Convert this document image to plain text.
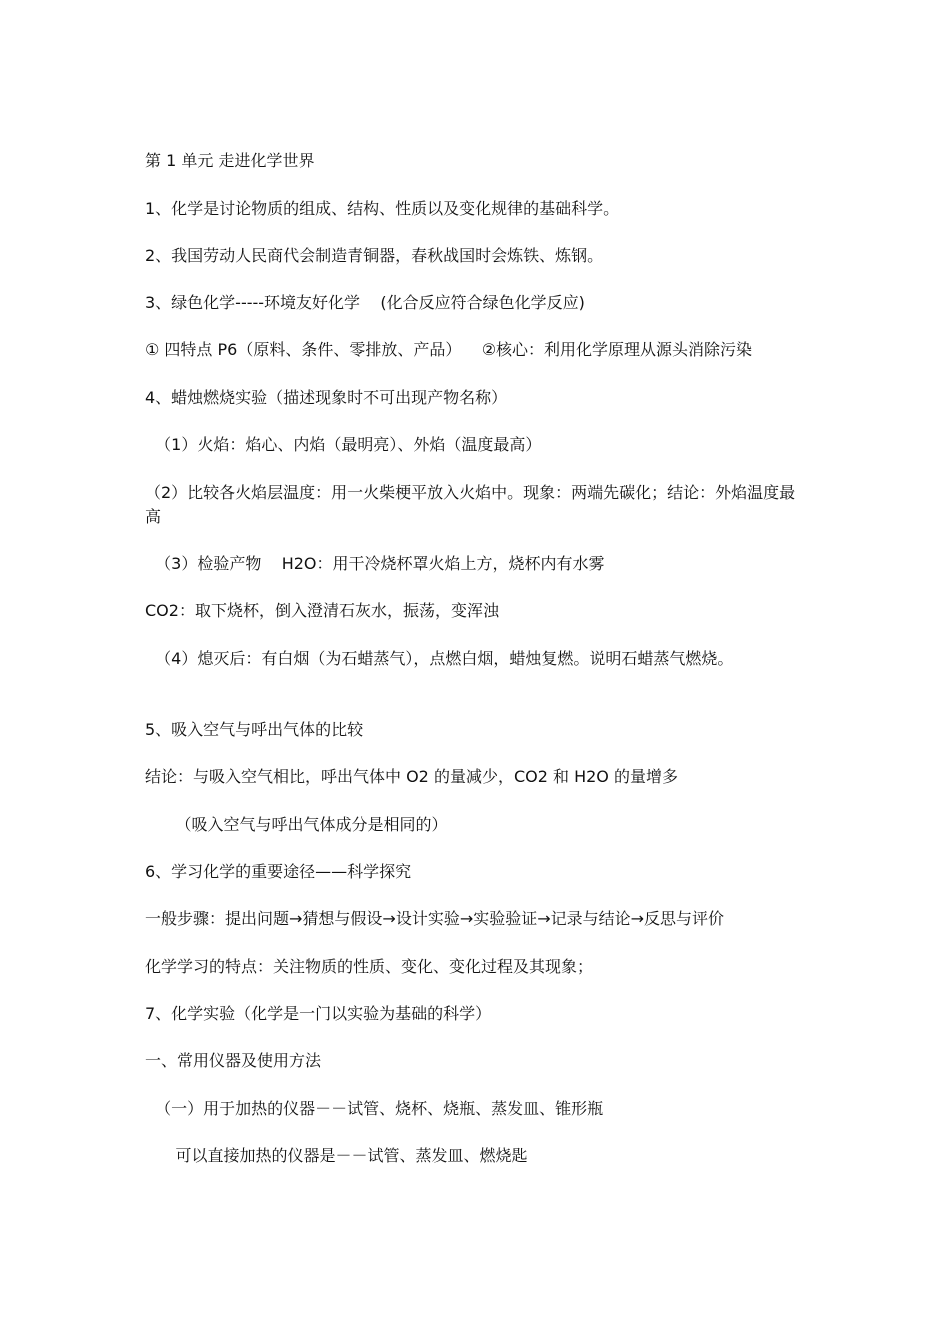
第 1 单元 走进化学世界
1、化学是讨论物质的组成、结构、性质以及变化规律的基础科学。
2、我国劳动人民商代会制造青铜器，春秋战国时会炼铁、炼钢。
3、绿色化学-----环境友好化学    (化合反应符合绿色化学反应)
① 四特点 P6（原料、条件、零排放、产品）    ②核心：利用化学原理从源头消除污染
4、蜡烛燃烧实验（描述现象时不可出现产物名称）
（1）火焰：焰心、内焰（最明亮）、外焰（温度最高）
（2）比较各火焰层温度：用一火柴梗平放入火焰中。现象：两端先碳化；结论：外焰温度最高
（3）检验产物    H2O：用干冷烧杯罩火焰上方，烧杯内有水雾
CO2：取下烧杯，倒入澄清石灰水，振荡，变浑浊
（4）熄灭后：有白烟（为石蜡蒸气），点燃白烟，蜡烛复燃。说明石蜡蒸气燃烧。
5、吸入空气与呼出气体的比较
结论：与吸入空气相比，呼出气体中 O2 的量减少，CO2 和 H2O 的量增多
（吸入空气与呼出气体成分是相同的）
6、学习化学的重要途径——科学探究
一般步骤：提出问题→猜想与假设→设计实验→实验验证→记录与结论→反思与评价
化学学习的特点：关注物质的性质、变化、变化过程及其现象；
7、化学实验（化学是一门以实验为基础的科学）
一、常用仪器及使用方法
（一）用于加热的仪器－－试管、烧杯、烧瓶、蒸发皿、锥形瓶
可以直接加热的仪器是－－试管、蒸发皿、燃烧匙
